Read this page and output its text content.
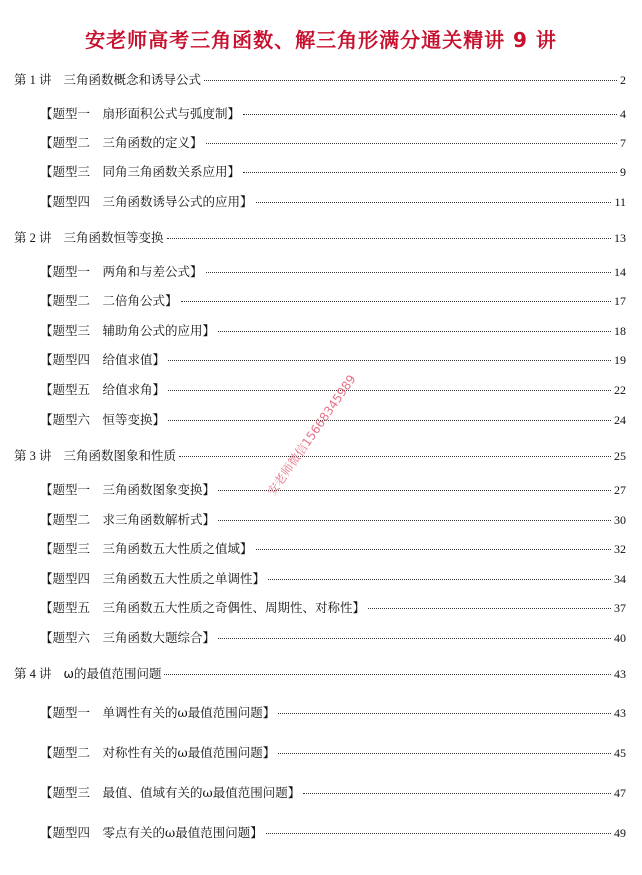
安老师高考三角函数、解三角形满分通关精讲 9 讲
第 1 讲 三角函数概念和诱导公式	2
【题型一　扇形面积公式与弧度制】	4
【题型二　三角函数的定义】	7
【题型三　同角三角函数关系应用】	9
【题型四　三角函数诱导公式的应用】	11
第 2 讲 三角函数恒等变换	13
【题型一　两角和与差公式】	14
【题型二　二倍角公式】	17
【题型三　辅助角公式的应用】	18
【题型四　给值求值】	19
【题型五　给值求角】	22
【题型六　恒等变换】	24
第 3 讲 三角函数图象和性质	25
【题型一　三角函数图象变换】	27
【题型二　求三角函数解析式】	30
【题型三　三角函数五大性质之值域】	32
【题型四　三角函数五大性质之单调性】	34
【题型五　三角函数五大性质之奇偶性、周期性、对称性】	37
【题型六　三角函数大题综合】	40
第 4 讲 ω的最值范围问题	43
【题型一　单调性有关的ω最值范围问题】	43
【题型二　对称性有关的ω最值范围问题】	45
【题型三　最值、值域有关的ω最值范围问题】	47
【题型四　零点有关的ω最值范围问题】	49
安老师微信15668345989
